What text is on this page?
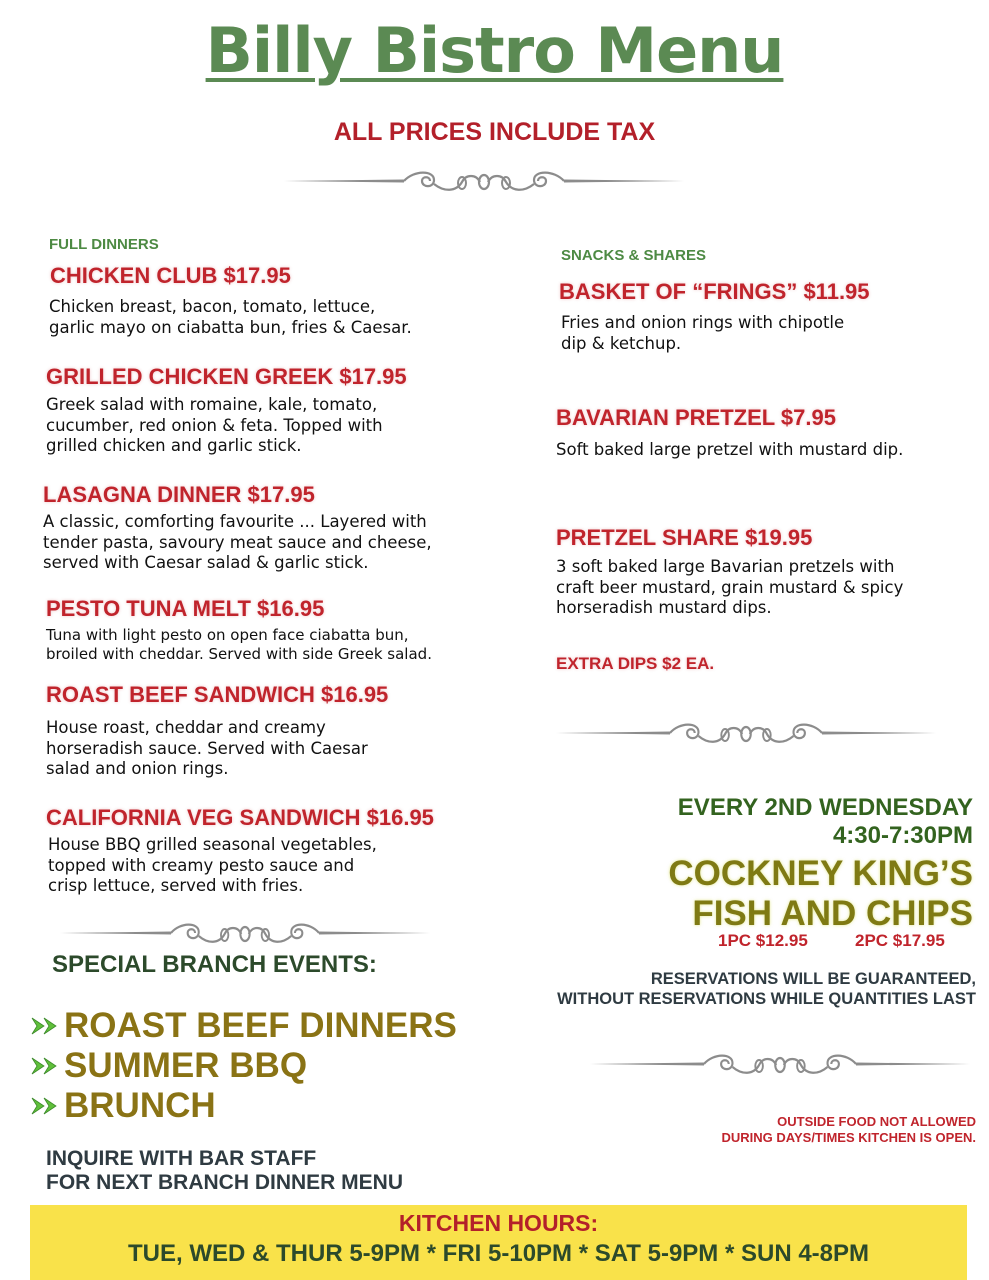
Billy Bistro Menu
ALL PRICES INCLUDE TAX
FULL DINNERS
CHICKEN CLUB $17.95
Chicken breast, bacon, tomato, lettuce,
garlic mayo on ciabatta bun, fries & Caesar.
GRILLED CHICKEN GREEK $17.95
Greek salad with romaine, kale, tomato,
cucumber, red onion & feta. Topped with
grilled chicken and garlic stick.
LASAGNA DINNER $17.95
A classic, comforting favourite ... Layered with
tender pasta, savoury meat sauce and cheese,
served with Caesar salad & garlic stick.
PESTO TUNA MELT $16.95
Tuna with light pesto on open face ciabatta bun,
broiled with cheddar. Served with side Greek salad.
ROAST BEEF SANDWICH $16.95
House roast, cheddar and creamy
horseradish sauce. Served with Caesar
salad and onion rings.
CALIFORNIA VEG SANDWICH $16.95
House BBQ grilled seasonal vegetables,
topped with creamy pesto sauce and
crisp lettuce, served with fries.
SPECIAL BRANCH EVENTS:
ROAST BEEF DINNERS
SUMMER BBQ
BRUNCH
INQUIRE WITH BAR STAFF
FOR NEXT BRANCH DINNER MENU
SNACKS & SHARES
BASKET OF “FRINGS” $11.95
Fries and onion rings with chipotle
dip & ketchup.
BAVARIAN PRETZEL $7.95
Soft baked large pretzel with mustard dip.
PRETZEL SHARE $19.95
3 soft baked large Bavarian pretzels with
craft beer mustard, grain mustard & spicy
horseradish mustard dips.
EXTRA DIPS $2 EA.
EVERY 2ND WEDNESDAY
4:30-7:30PM
COCKNEY KING’S
FISH AND CHIPS
1PC $12.95	2PC $17.95
RESERVATIONS WILL BE GUARANTEED,
WITHOUT RESERVATIONS WHILE QUANTITIES LAST
OUTSIDE FOOD NOT ALLOWED
DURING DAYS/TIMES KITCHEN IS OPEN.
KITCHEN HOURS:
TUE, WED & THUR 5-9PM * FRI 5-10PM * SAT 5-9PM * SUN 4-8PM
